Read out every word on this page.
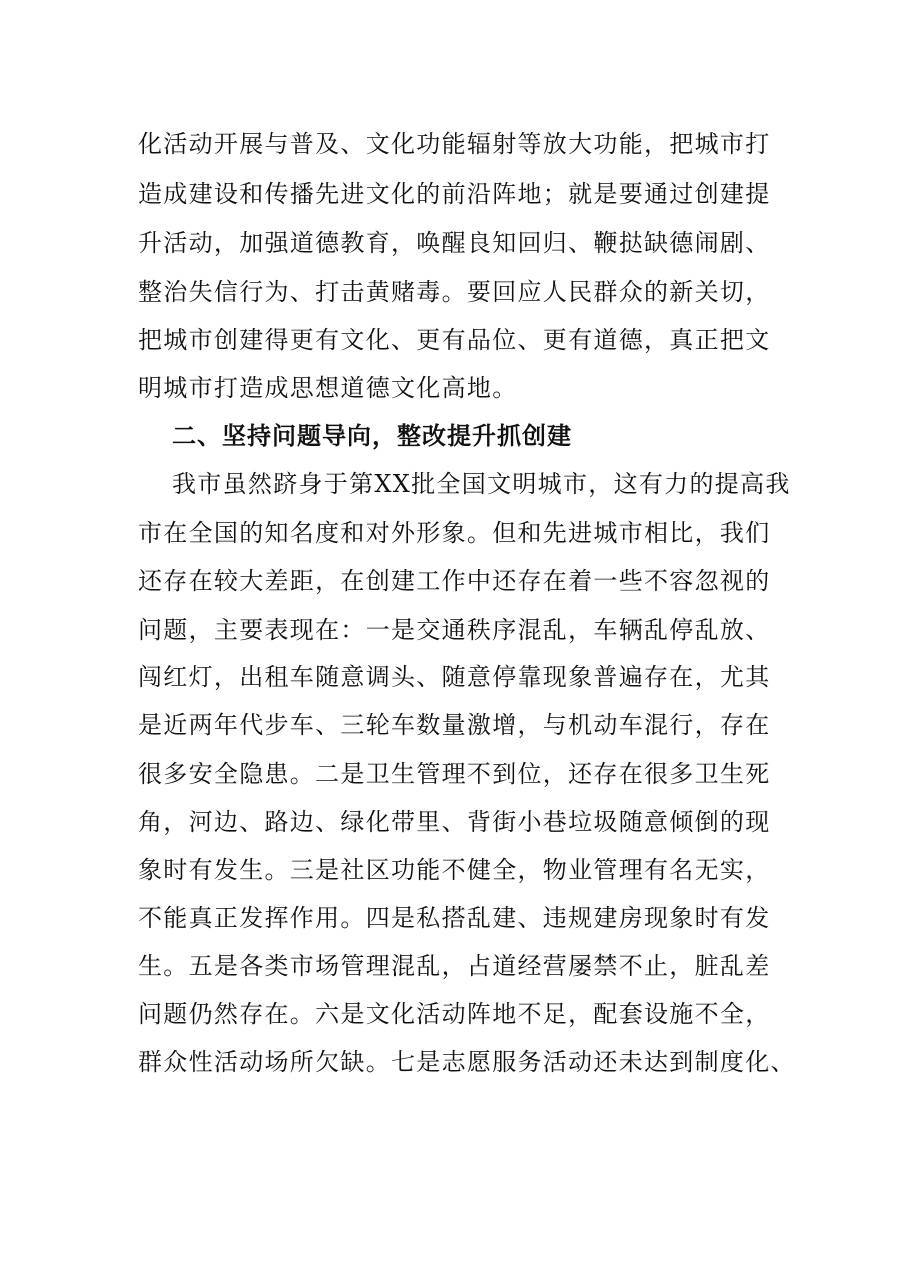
化活动开展与普及、文化功能辐射等放大功能，把城市打
造成建设和传播先进文化的前沿阵地；就是要通过创建提
升活动，加强道德教育，唤醒良知回归、鞭挞缺德闹剧、
整治失信行为、打击黄赌毒。要回应人民群众的新关切，
把城市创建得更有文化、更有品位、更有道德，真正把文
明城市打造成思想道德文化高地。
二、坚持问题导向，整改提升抓创建
我市虽然跻身于第XX批全国文明城市，这有力的提高我
市在全国的知名度和对外形象。但和先进城市相比，我们
还存在较大差距，在创建工作中还存在着一些不容忽视的
问题，主要表现在：一是交通秩序混乱，车辆乱停乱放、
闯红灯，出租车随意调头、随意停靠现象普遍存在，尤其
是近两年代步车、三轮车数量激增，与机动车混行，存在
很多安全隐患。二是卫生管理不到位，还存在很多卫生死
角，河边、路边、绿化带里、背街小巷垃圾随意倾倒的现
象时有发生。三是社区功能不健全，物业管理有名无实，
不能真正发挥作用。四是私搭乱建、违规建房现象时有发
生。五是各类市场管理混乱，占道经营屡禁不止，脏乱差
问题仍然存在。六是文化活动阵地不足，配套设施不全，
群众性活动场所欠缺。七是志愿服务活动还未达到制度化、
